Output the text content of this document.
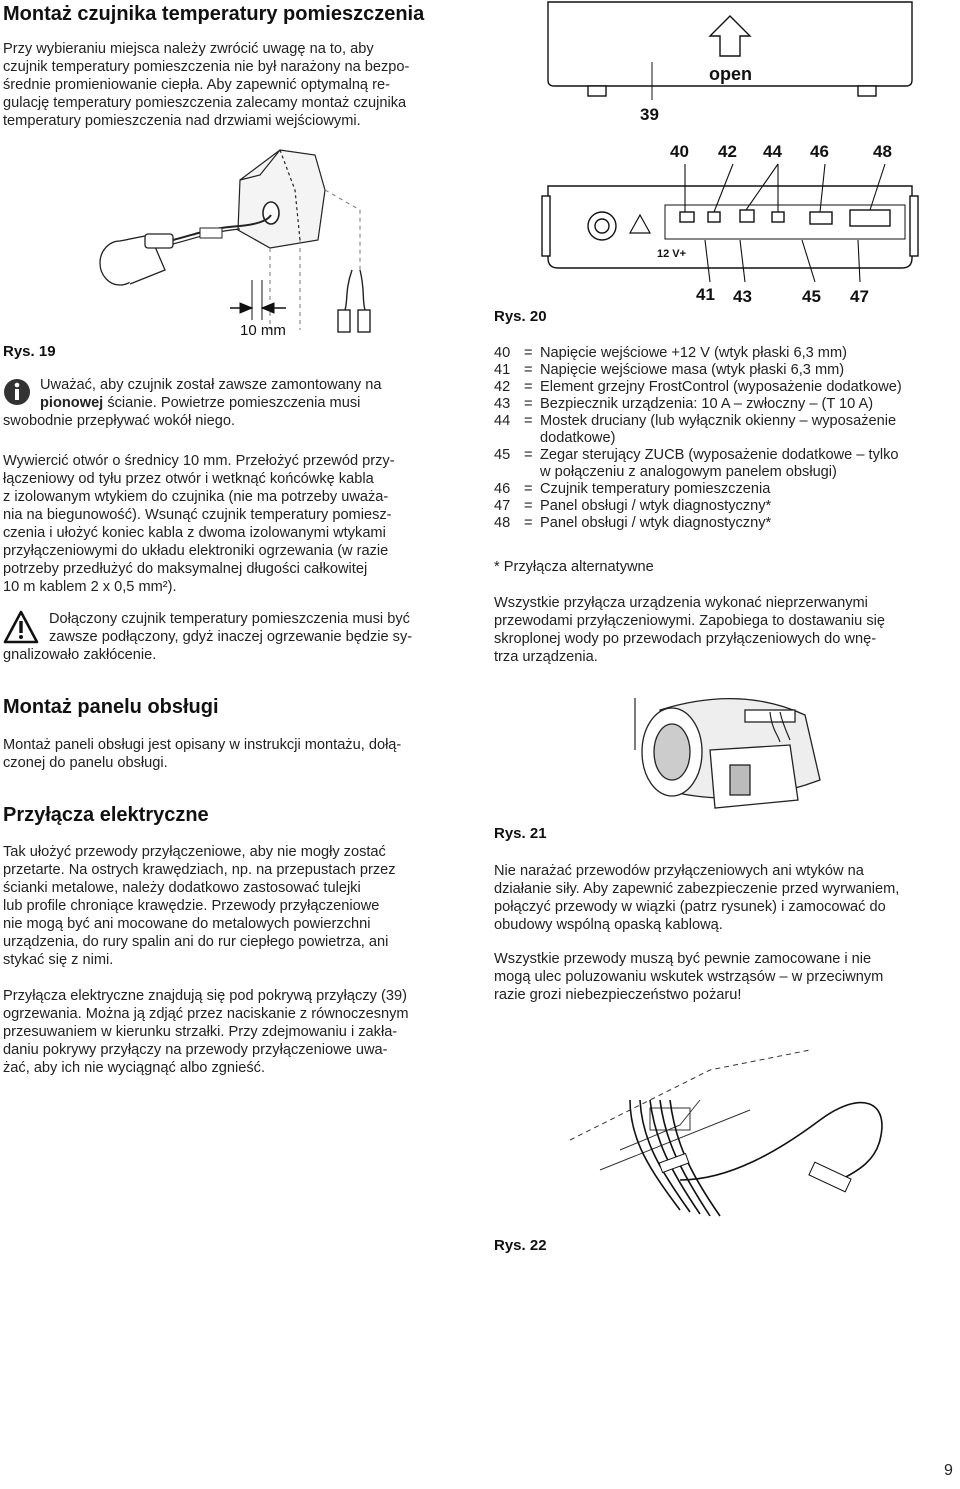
Montaż czujnika temperatury pomieszczenia

Przy wybieraniu miejsca należy zwrócić uwagę na to, aby

czujnik temperatury pomieszczenia nie był narażony na bezpo-

średnie promieniowanie ciepła. Aby zapewnić optymalną re-

gulację temperatury pomieszczenia zalecamy montaż czujnika

temperatury pomieszczenia nad drzwiami wejściowymi.

10 mm
Rys. 19
Uważać, aby czujnik został zawsze zamontowany na
pionowej ścianie. Powietrze pomieszczenia musi
swobodnie przepływać wokół niego.

Wywiercić otwór o średnicy 10 mm. Przełożyć przewód przy-

łączeniowy od tyłu przez otwór i wetknąć końcówkę kabla

z izolowanym wtykiem do czujnika (nie ma potrzeby uważa-

nia na biegunowość). Wsunąć czujnik temperatury pomiesz-

czenia i ułożyć koniec kabla z dwoma izolowanymi wtykami

przyłączeniowymi do układu elektroniki ogrzewania (w razie

potrzeby przedłużyć do maksymalnej długości całkowitej

10 m kablem 2 x 0,5 mm²).

Dołączony czujnik temperatury pomieszczenia musi być
zawsze podłączony, gdyż inaczej ogrzewanie będzie sy-
gnalizowało zakłócenie.
Montaż panelu obsługi

Montaż paneli obsługi jest opisany w instrukcji montażu, dołą-

czonej do panelu obsługi.

Przyłącza elektryczne

Tak ułożyć przewody przyłączeniowe, aby nie mogły zostać

przetarte. Na ostrych krawędziach, np. na przepustach przez

ścianki metalowe, należy dodatkowo zastosować tulejki

lub profile chroniące krawędzie. Przewody przyłączeniowe

nie mogą być ani mocowane do metalowych powierzchni

urządzenia, do rury spalin ani do rur ciepłego powietrza, ani

stykać się z nimi.

Przyłącza elektryczne znajdują się pod pokrywą przyłączy (39)

ogrzewania. Można ją zdjąć przez naciskanie z równoczesnym

przesuwaniem w kierunku strzałki. Przy zdejmowaniu i zakła-

daniu pokrywy przyłączy na przewody przyłączeniowe uwa-

żać, aby ich nie wyciągnąć albo zgnieść.

open
39
40 42 44 46	48
12 V+
41 43	45 47
Rys. 20
40 = Napięcie wejściowe +12 V (wtyk płaski 6,3 mm)
41 = Napięcie wejściowe masa (wtyk płaski 6,3 mm)
42 = Element grzejny FrostControl (wyposażenie dodatkowe)
43 = Bezpiecznik urządzenia: 10 A – zwłoczny – (T 10 A)
44 = Mostek druciany (lub wyłącznik okienny – wyposażenie
dodatkowe)
45 = Zegar sterujący ZUCB (wyposażenie dodatkowe – tylko
w połączeniu z analogowym panelem obsługi)
46 = Czujnik temperatury pomieszczenia
47 = Panel obsługi / wtyk diagnostyczny*
48 = Panel obsługi / wtyk diagnostyczny*
* Przyłącza alternatywne

Wszystkie przyłącza urządzenia wykonać nieprzerwanymi

przewodami przyłączeniowymi. Zapobiega to dostawaniu się

skroplonej wody po przewodach przyłączeniowych do wnę-

trza urządzenia.

Rys. 21

Nie narażać przewodów przyłączeniowych ani wtyków na

działanie siły. Aby zapewnić zabezpieczenie przed wyrwaniem,

połączyć przewody w wiązki (patrz rysunek) i zamocować do

obudowy wspólną opaską kablową.

Wszystkie przewody muszą być pewnie zamocowane i nie

mogą ulec poluzowaniu wskutek wstrząsów – w przeciwnym

razie grozi niebezpieczeństwo pożaru!

Rys. 22
9
